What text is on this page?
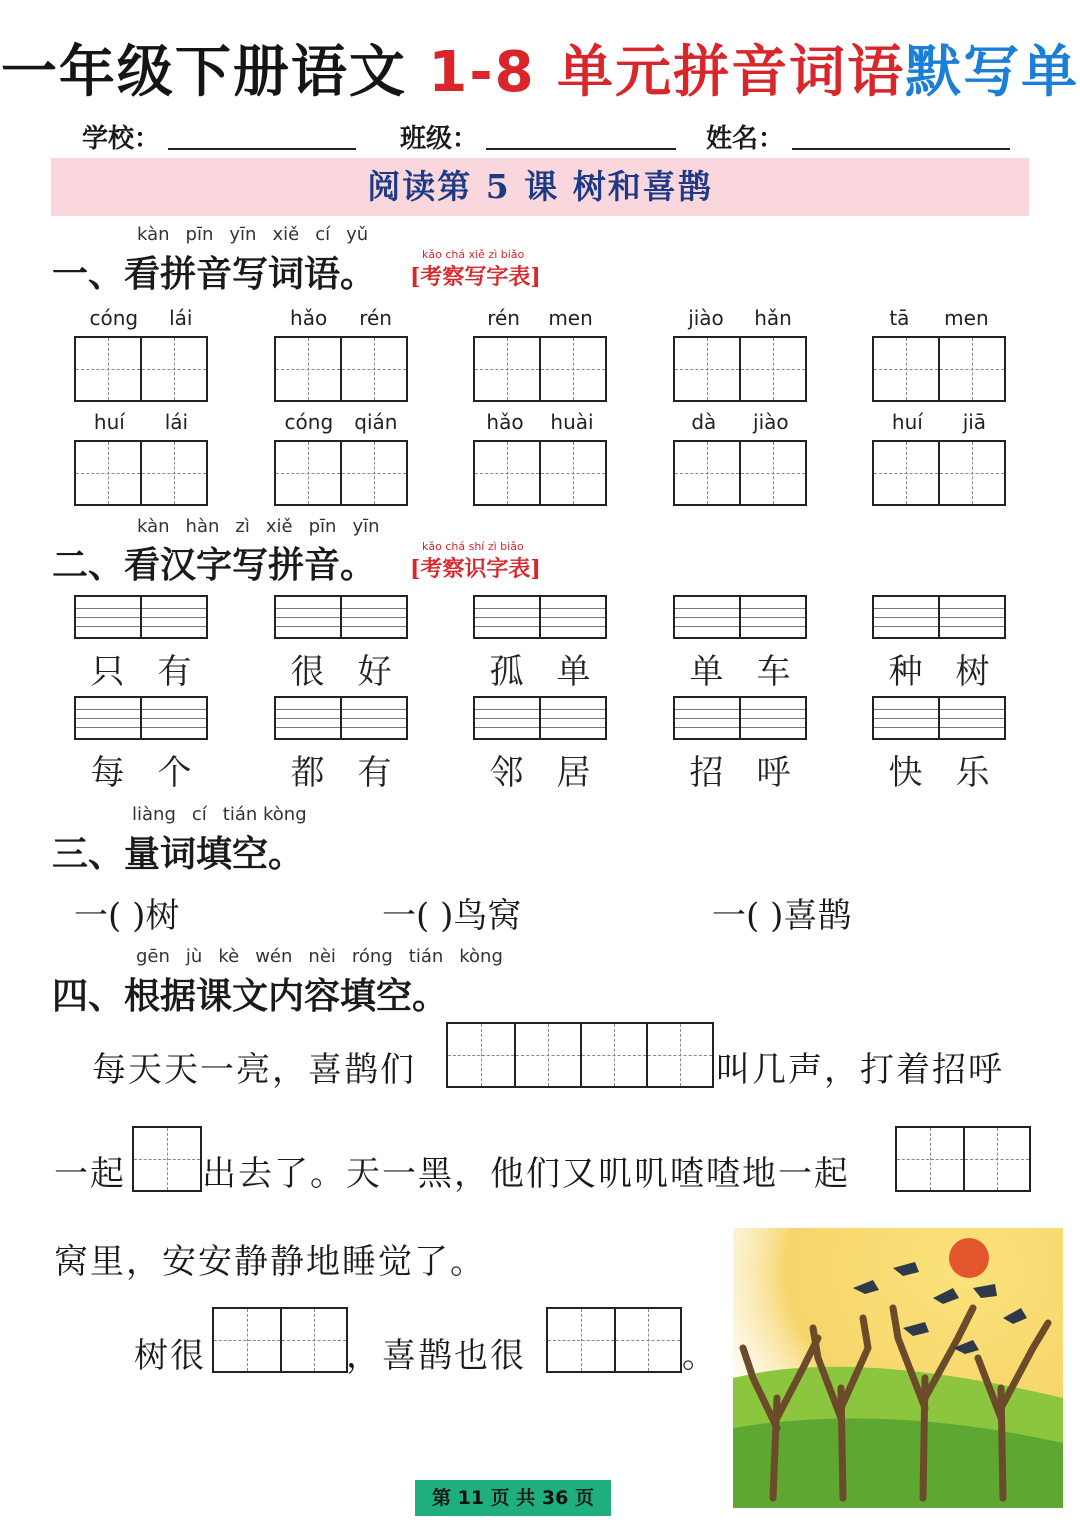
一年级下册语文 1-8 单元拼音词语默写单
学校：	班级：	姓名：
阅读第 5 课 树和喜鹊
kàn pīn yīn xiě cí yǔ
一、看拼音写词语。	kǎo chá xiě zì biǎo
[考察写字表]
cóng lái	hǎo rén	rén men	jiào hǎn	tā men
huí lái	cóng qián	hǎo huài	dà jiào	huí jiā
kàn hàn zì xiě pīn yīn
二、看汉字写拼音。	kǎo chá shí zì biǎo
[考察识字表]
只 有	很 好	孤 单	单 车	种 树
每 个	都 有	邻 居	招 呼	快 乐
liàng cí tián kòng
三、量词填空。
一( )树	一( )鸟窝	一( )喜鹊
gēn jù kè wén nèi róng tián kòng
四、根据课文内容填空。
每天天一亮，喜鹊们	叫几声，打着招呼
一起 出去了。天一黑，他们又叽叽喳喳地一起
窝里，安安静静地睡觉了。
树很	，喜鹊也很	。
第 11 页 共 36 页
